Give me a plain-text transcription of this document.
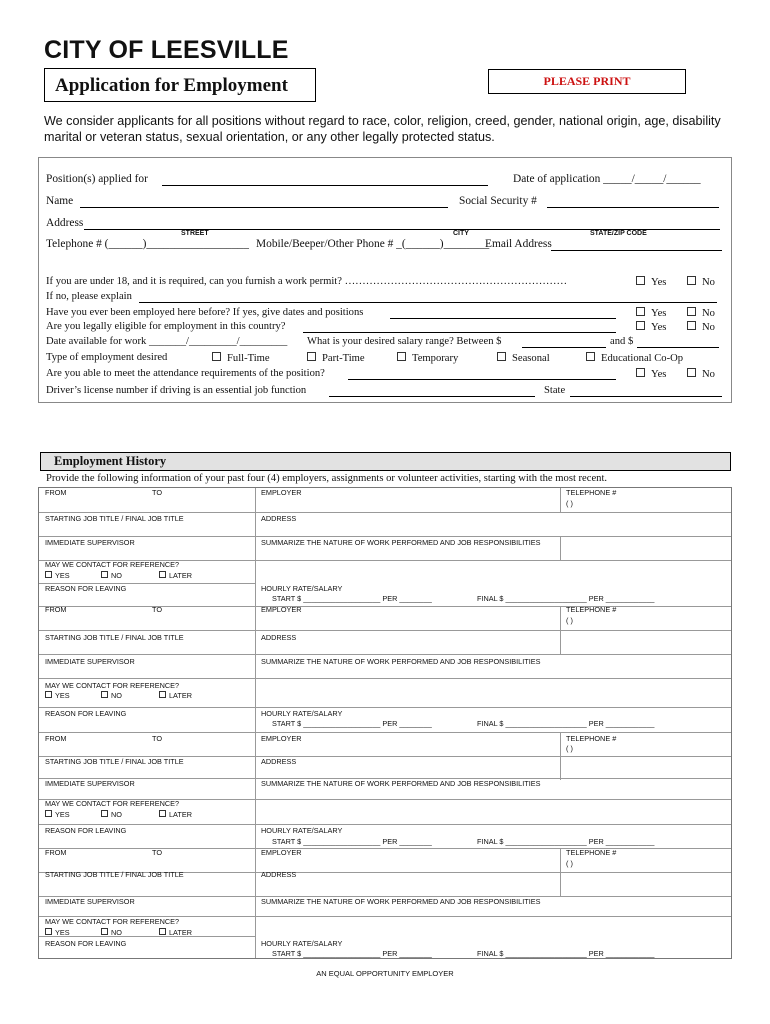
CITY OF LEESVILLE
Application for Employment	PLEASE PRINT
We consider applicants for all positions without regard to race, color, religion, creed, gender, national origin, age, disability
marital or veteran status, sexual orientation, or any other legally protected status.
Position(s) applied for	Date of application _____/_____/______
Name	Social Security #
Address
STREET	CITY	STATE/ZIP CODE
Telephone # (______)__________________ Mobile/Beeper/Other Phone # _(______)________
Email Address
If you are under 18, and it is required, can you furnish a work permit? ………………………………………………………	Yes	No
If no, please explain
Have you ever been employed here before? If yes, give dates and positions	Yes	No
Are you legally eligible for employment in this country?	Yes	No
Date available for work _______/_________/_________ What is your desired salary range? Between $	and $
Type of employment desired	Full-Time	Part-Time	Temporary	Seasonal	Educational Co-Op
Are you able to meet the attendance requirements of the position?	Yes	No
Driver’s license number if driving is an essential job function	State
Employment History
Provide the following information of your past four (4) employers, assignments or volunteer activities, starting with the most recent.
FROM	TO	EMPLOYER	TELEPHONE #
( )
STARTING JOB TITLE / FINAL JOB TITLE	ADDRESS
IMMEDIATE SUPERVISOR	SUMMARIZE THE NATURE OF WORK PERFORMED AND JOB RESPONSIBILITIES
MAY WE CONTACT FOR REFERENCE?
YES	NO	LATER
REASON FOR LEAVING	HOURLY RATE/SALARY
START $ ___________________ PER ________	FINAL $ ____________________ PER ____________
FROM	TO	EMPLOYER	TELEPHONE #
( )
STARTING JOB TITLE / FINAL JOB TITLE	ADDRESS
IMMEDIATE SUPERVISOR	SUMMARIZE THE NATURE OF WORK PERFORMED AND JOB RESPONSIBILITIES
MAY WE CONTACT FOR REFERENCE?
YES	NO	LATER
REASON FOR LEAVING	HOURLY RATE/SALARY
START $ ___________________ PER ________	FINAL $ ____________________ PER ____________
FROM	TO	EMPLOYER	TELEPHONE #
( )
STARTING JOB TITLE / FINAL JOB TITLE	ADDRESS
IMMEDIATE SUPERVISOR	SUMMARIZE THE NATURE OF WORK PERFORMED AND JOB RESPONSIBILITIES
MAY WE CONTACT FOR REFERENCE?
YES	NO	LATER
REASON FOR LEAVING	HOURLY RATE/SALARY
START $ ___________________ PER ________	FINAL $ ____________________ PER ____________
FROM	TO	EMPLOYER	TELEPHONE #
( )
STARTING JOB TITLE / FINAL JOB TITLE	ADDRESS
IMMEDIATE SUPERVISOR	SUMMARIZE THE NATURE OF WORK PERFORMED AND JOB RESPONSIBILITIES
MAY WE CONTACT FOR REFERENCE?
YES	NO	LATER
REASON FOR LEAVING	HOURLY RATE/SALARY
START $ ___________________ PER ________	FINAL $ ____________________ PER ____________
AN EQUAL OPPORTUNITY EMPLOYER
